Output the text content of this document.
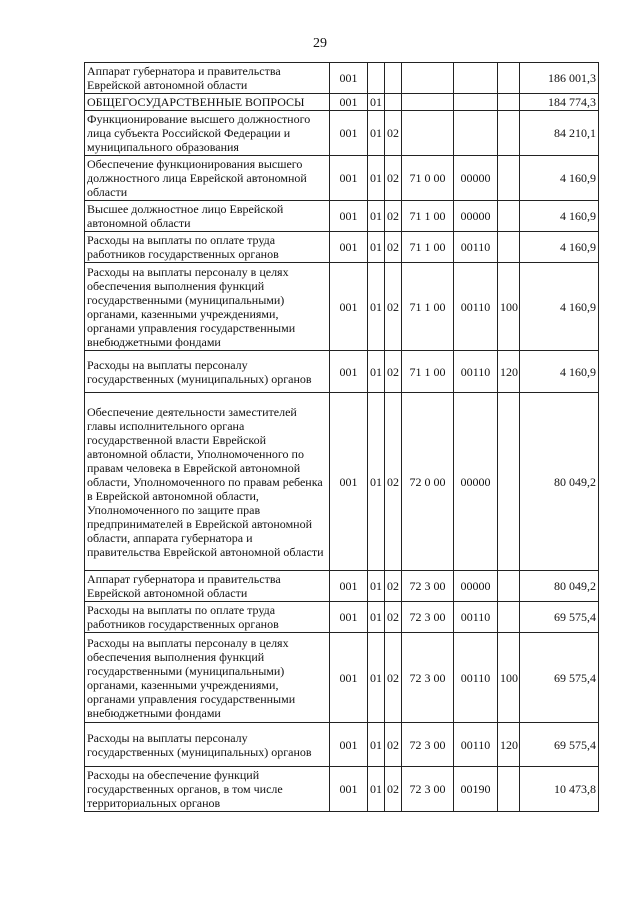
29
Аппарат губернатора и правительства Еврейской автономной области	001						186 001,3
ОБЩЕГОСУДАРСТВЕННЫЕ ВОПРОСЫ	001	01					184 774,3
Функционирование высшего должностного лица субъекта Российской Федерации и муниципального образования	001	01	02				84 210,1
Обеспечение функционирования высшего должностного лица Еврейской автономной области	001	01	02	71 0 00	00000		4 160,9
Высшее должностное лицо Еврейской автономной области	001	01	02	71 1 00	00000		4 160,9
Расходы на выплаты по оплате труда работников государственных органов	001	01	02	71 1 00	00110		4 160,9
Расходы на выплаты персоналу в целях обеспечения выполнения функций государственными (муниципальными) органами, казенными учреждениями, органами управления государственными внебюджетными фондами	001	01	02	71 1 00	00110	100	4 160,9
Расходы на выплаты персоналу государственных (муниципальных) органов	001	01	02	71 1 00	00110	120	4 160,9
Обеспечение деятельности заместителей главы исполнительного органа государственной власти Еврейской автономной области, Уполномоченного по правам человека в Еврейской автономной области, Уполномоченного по правам ребенка в Еврейской автономной области, Уполномоченного по защите прав предпринимателей в Еврейской автономной области, аппарата губернатора и правительства Еврейской автономной области	001	01	02	72 0 00	00000		80 049,2
Аппарат губернатора и правительства Еврейской автономной области	001	01	02	72 3 00	00000		80 049,2
Расходы на выплаты по оплате труда работников государственных органов	001	01	02	72 3 00	00110		69 575,4
Расходы на выплаты персоналу в целях обеспечения выполнения функций государственными (муниципальными) органами, казенными учреждениями, органами управления государственными внебюджетными фондами	001	01	02	72 3 00	00110	100	69 575,4
Расходы на выплаты персоналу государственных (муниципальных) органов	001	01	02	72 3 00	00110	120	69 575,4
Расходы на обеспечение функций государственных органов, в том числе территориальных органов	001	01	02	72 3 00	00190		10 473,8
